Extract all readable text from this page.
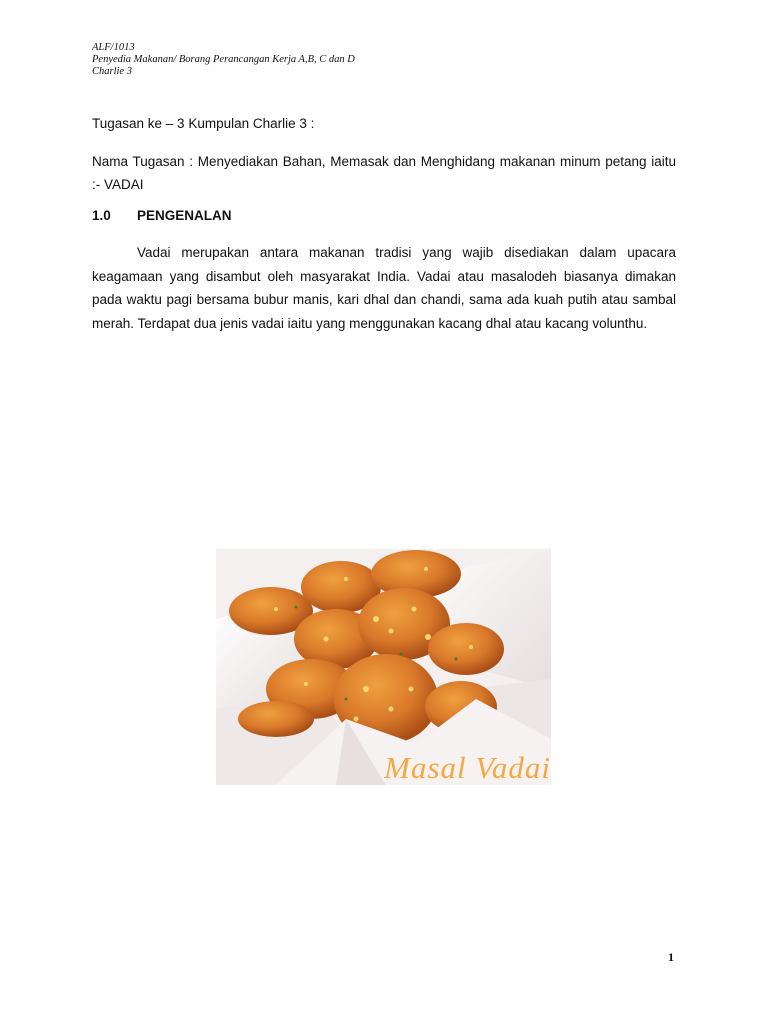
ALF/1013
Penyedia Makanan/ Borang Perancangan Kerja A,B, C dan D
Charlie 3
Tugasan ke – 3 Kumpulan Charlie 3 :
Nama Tugasan : Menyediakan Bahan, Memasak dan Menghidang makanan minum petang iaitu :- VADAI
1.0 PENGENALAN
Vadai merupakan antara makanan tradisi yang wajib disediakan dalam upacara keagamaan yang disambut oleh masyarakat India. Vadai atau masalodeh biasanya dimakan pada waktu pagi bersama bubur manis, kari dhal dan chandi, sama ada kuah putih atau sambal merah. Terdapat dua jenis vadai iaitu yang menggunakan kacang dhal atau kacang volunthu.
Masal Vadai
1
